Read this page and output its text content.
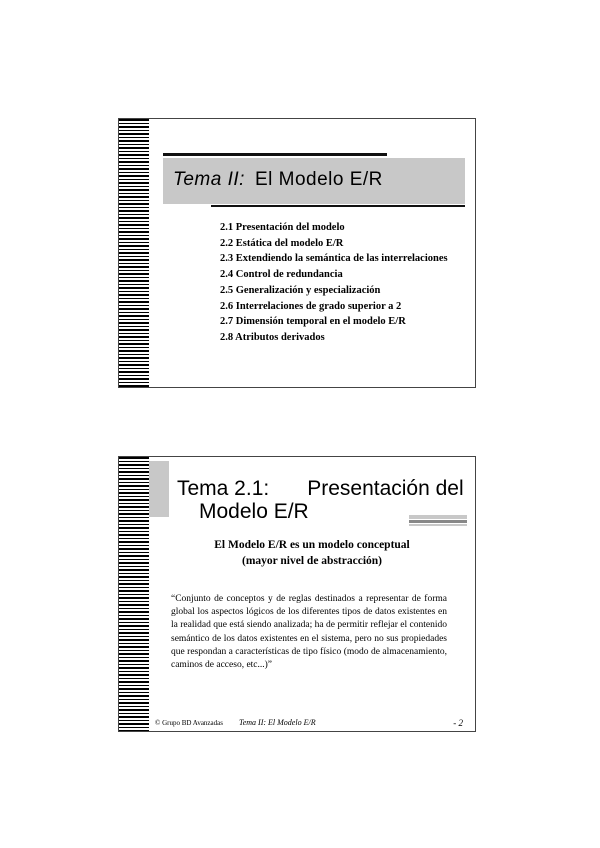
Tema II: El Modelo E/R
2.1 Presentación del modelo
2.2 Estática del modelo E/R
2.3 Extendiendo la semántica de las interrelaciones
2.4 Control de redundancia
2.5 Generalización y especialización
2.6 Interrelaciones de grado superior a 2
2.7 Dimensión temporal en el modelo E/R
2.8 Atributos derivados
Tema 2.1: Presentación del
Modelo E/R
El Modelo E/R es un modelo conceptual
(mayor nivel de abstracción)
“Conjunto de conceptos y de reglas destinados a representar de forma global los aspectos lógicos de los diferentes tipos de datos existentes en la realidad que está siendo analizada; ha de permitir reflejar el contenido semántico de los datos existentes en el sistema, pero no sus propiedades que respondan a características de tipo físico (modo de almacenamiento, caminos de acceso, etc...)”
© Grupo BD Avanzadas Tema II: El Modelo E/R	- 2
